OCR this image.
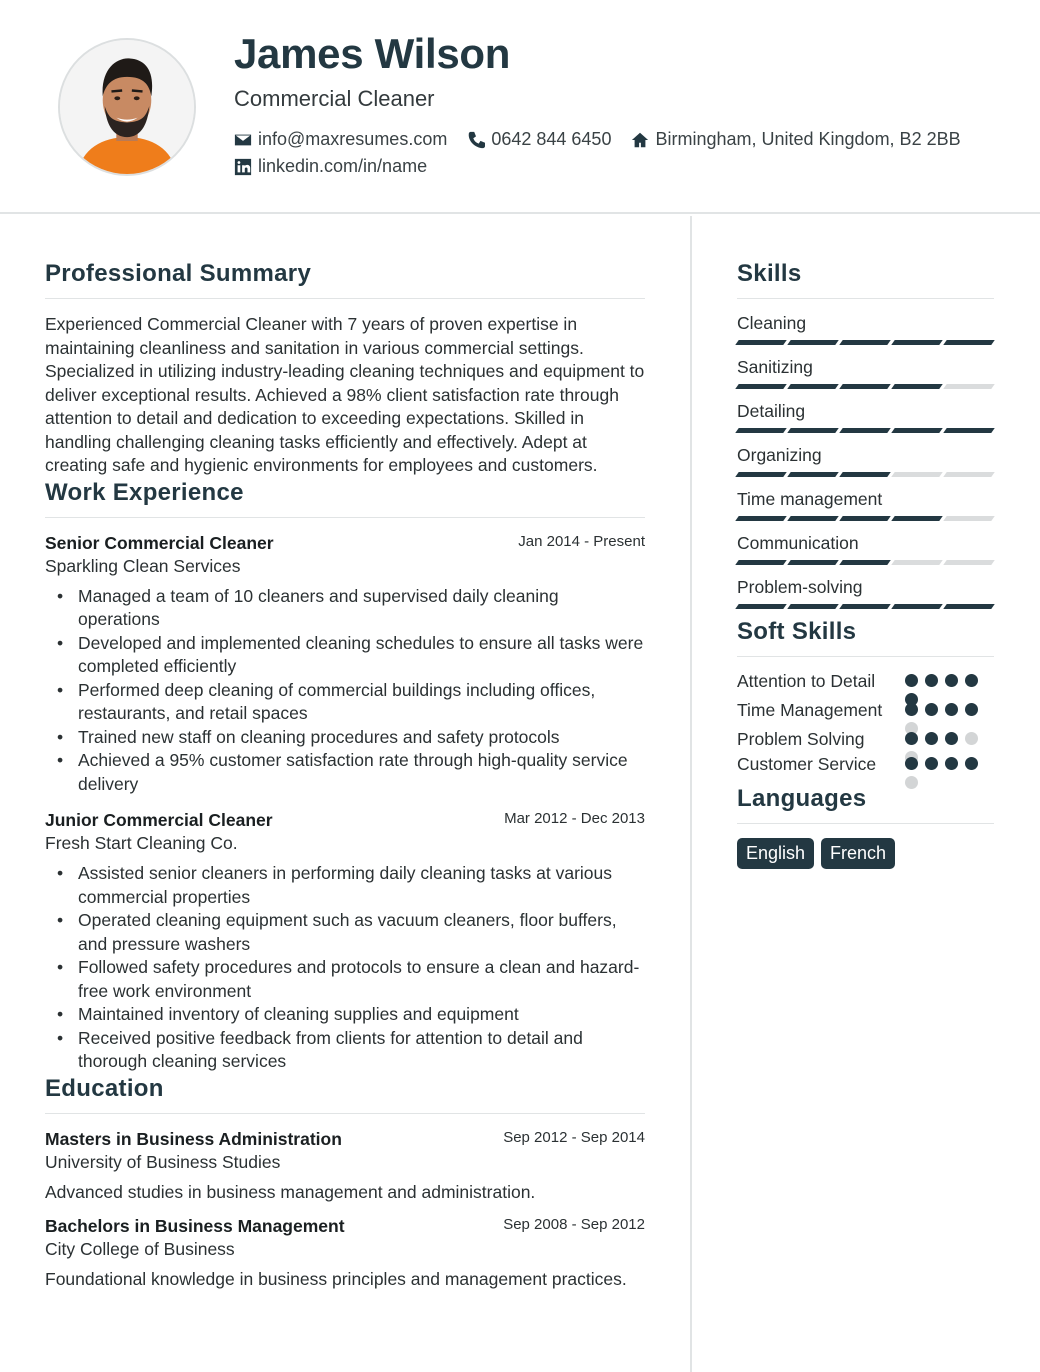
James Wilson
Commercial Cleaner
info@maxresumes.com 0642 844 6450 Birmingham, United Kingdom, B2 2BB
linkedin.com/in/name
Professional Summary
Experienced Commercial Cleaner with 7 years of proven expertise in maintaining cleanliness and sanitation in various commercial settings. Specialized in utilizing industry-leading cleaning techniques and equipment to deliver exceptional results. Achieved a 98% client satisfaction rate through attention to detail and dedication to exceeding expectations. Skilled in handling challenging cleaning tasks efficiently and effectively. Adept at creating safe and hygienic environments for employees and customers.
Work Experience
Senior Commercial Cleaner	Jan 2014 - Present
Sparkling Clean Services
• Managed a team of 10 cleaners and supervised daily cleaning operations
• Developed and implemented cleaning schedules to ensure all tasks were completed efficiently
• Performed deep cleaning of commercial buildings including offices, restaurants, and retail spaces
• Trained new staff on cleaning procedures and safety protocols
• Achieved a 95% customer satisfaction rate through high-quality service delivery
Junior Commercial Cleaner	Mar 2012 - Dec 2013
Fresh Start Cleaning Co.
• Assisted senior cleaners in performing daily cleaning tasks at various commercial properties
• Operated cleaning equipment such as vacuum cleaners, floor buffers, and pressure washers
• Followed safety procedures and protocols to ensure a clean and hazard-free work environment
• Maintained inventory of cleaning supplies and equipment
• Received positive feedback from clients for attention to detail and thorough cleaning services
Education
Masters in Business Administration	Sep 2012 - Sep 2014
University of Business Studies
Advanced studies in business management and administration.
Bachelors in Business Management	Sep 2008 - Sep 2012
City College of Business
Foundational knowledge in business principles and management practices.
Skills
Cleaning
Sanitizing
Detailing
Organizing
Time management
Communication
Problem-solving
Soft Skills
Attention to Detail
Time Management
Problem Solving
Customer Service
Languages
English	French
